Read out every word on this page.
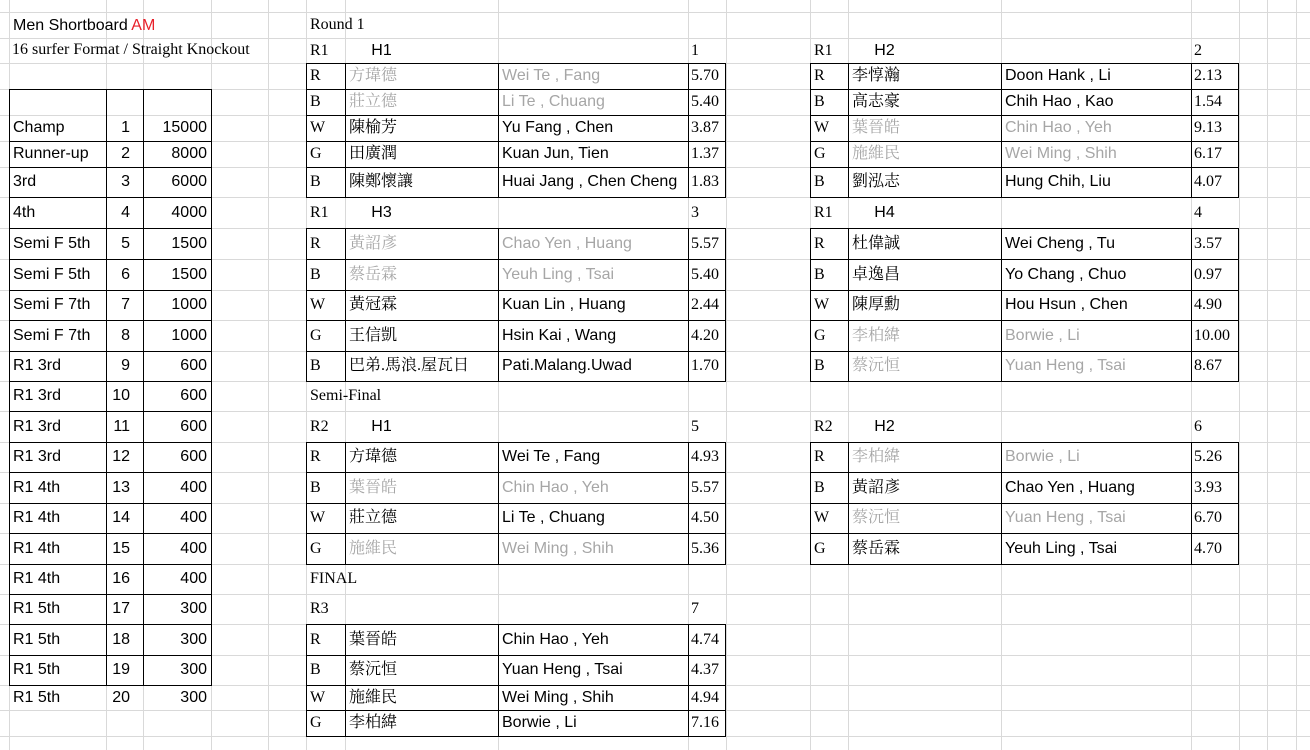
Men Shortboard AM
16 surfer Format / Straight Knockout
Round 1
Semi-Final
FINAL
Champ	1 15000
Runner-up 2	8000
3rd	3	6000
4th	4	4000
Semi F 5th 5	1500
Semi F 5th 6	1500
Semi F 7th 7	1000
Semi F 7th 8	1000
R1 3rd	9	600
R1 3rd	10	600
R1 3rd	11	600
R1 3rd	12	600
R1 4th	13	400
R1 4th	14	400
R1 4th	15	400
R1 4th	16	400
R1 5th	17	300
R1 5th	18	300
R1 5th	19	300
R1 5th	20	300
R1	H1	1
R 方瑋德	Wei Te , Fang	5.70
B 莊立德	Li Te , Chuang	5.40
W 陳榆芳	Yu Fang , Chen	3.87
G 田廣潤	Kuan Jun, Tien	1.37
B 陳鄭懷讓	Huai Jang , Chen Cheng 1.83
R1	H2	2
R 李惇瀚	Doon Hank , Li	2.13
B 高志豪	Chih Hao , Kao	1.54
W 葉晉皓	Chin Hao , Yeh	9.13
G 施維民	Wei Ming , Shih	6.17
B 劉泓志	Hung Chih, Liu	4.07
R1	H3	3
R 黃詔彥	Chao Yen , Huang	5.57
B 蔡岳霖	Yeuh Ling , Tsai	5.40
W 黃冠霖	Kuan Lin , Huang	2.44
G 王信凱	Hsin Kai , Wang	4.20
B 巴弟.馬浪.屋瓦日 Pati.Malang.Uwad	1.70
R1	H4	4
R 杜偉誠	Wei Cheng , Tu	3.57
B 卓逸昌	Yo Chang , Chuo	0.97
W 陳厚勳	Hou Hsun , Chen	4.90
G 李柏緯	Borwie , Li	10.00
B 蔡沅恒	Yuan Heng , Tsai	8.67
R2	H1	5
R 方瑋德	Wei Te , Fang	4.93
B 葉晉皓	Chin Hao , Yeh	5.57
W 莊立德	Li Te , Chuang	4.50
G 施維民	Wei Ming , Shih	5.36
R2	H2	6
R 李柏緯	Borwie , Li	5.26
B 黃詔彥	Chao Yen , Huang	3.93
W 蔡沅恒	Yuan Heng , Tsai	6.70
G 蔡岳霖	Yeuh Ling , Tsai	4.70
R3	7
R 葉晉皓	Chin Hao , Yeh	4.74
B 蔡沅恒	Yuan Heng , Tsai	4.37
W 施維民	Wei Ming , Shih	4.94
G 李柏緯	Borwie , Li	7.16
